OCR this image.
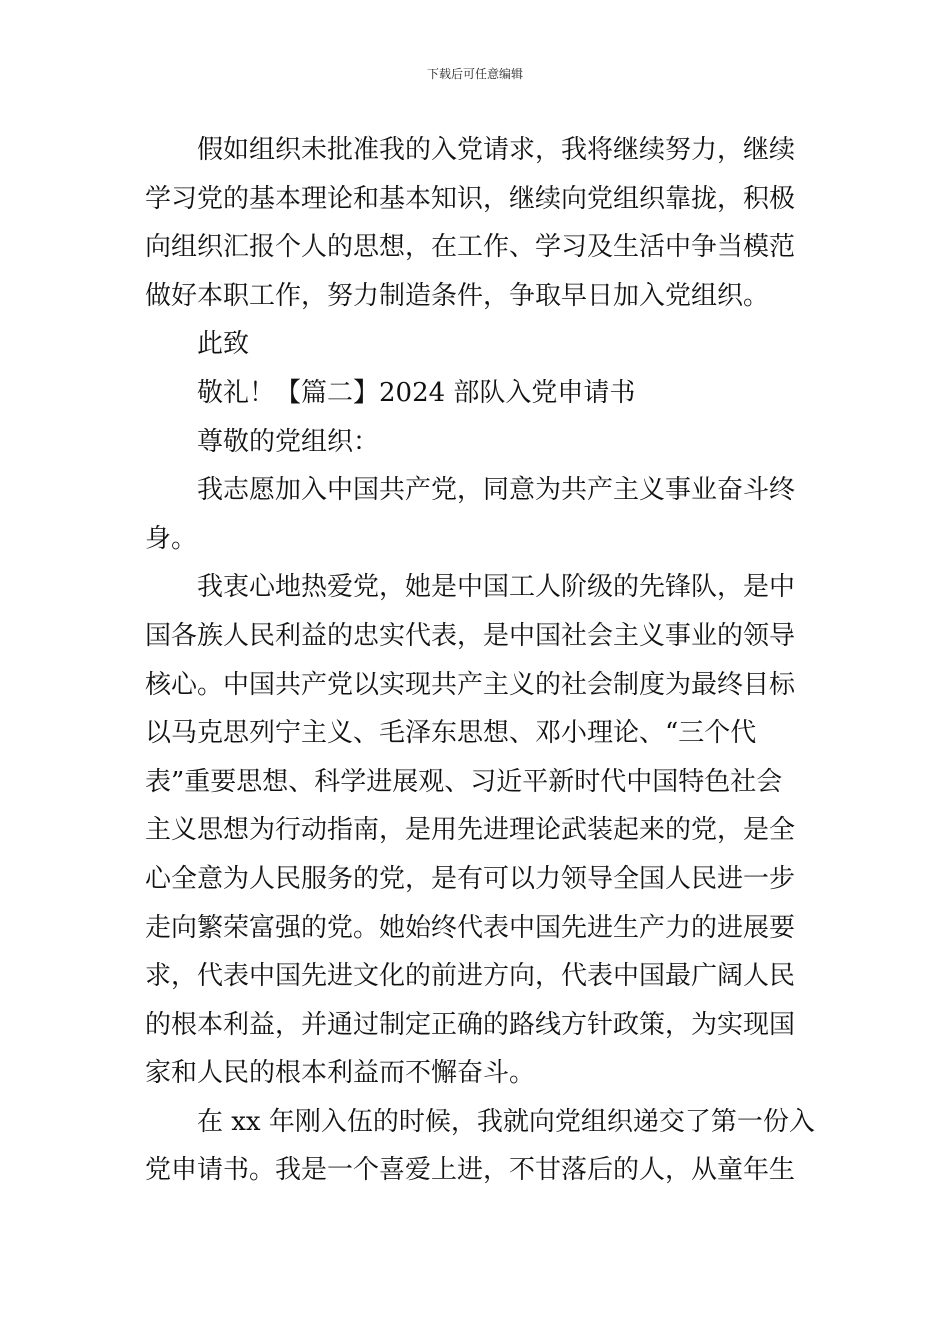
下载后可任意编辑
假如组织未批准我的入党请求，我将继续努力，继续
学习党的基本理论和基本知识，继续向党组织靠拢，积极
向组织汇报个人的思想，在工作、学习及生活中争当模范
做好本职工作，努力制造条件，争取早日加入党组织。
此致
敬礼！【篇二】2024 部队入党申请书
尊敬的党组织：
我志愿加入中国共产党，同意为共产主义事业奋斗终
身。
我衷心地热爱党，她是中国工人阶级的先锋队，是中
国各族人民利益的忠实代表，是中国社会主义事业的领导
核心。中国共产党以实现共产主义的社会制度为最终目标
以马克思列宁主义、毛泽东思想、邓小理论、“三个代
表”重要思想、科学进展观、习近平新时代中国特色社会
主义思想为行动指南，是用先进理论武装起来的党，是全
心全意为人民服务的党，是有可以力领导全国人民进一步
走向繁荣富强的党。她始终代表中国先进生产力的进展要
求，代表中国先进文化的前进方向，代表中国最广阔人民
的根本利益，并通过制定正确的路线方针政策，为实现国
家和人民的根本利益而不懈奋斗。
在 xx 年刚入伍的时候，我就向党组织递交了第一份入
党申请书。我是一个喜爱上进，不甘落后的人，从童年生
